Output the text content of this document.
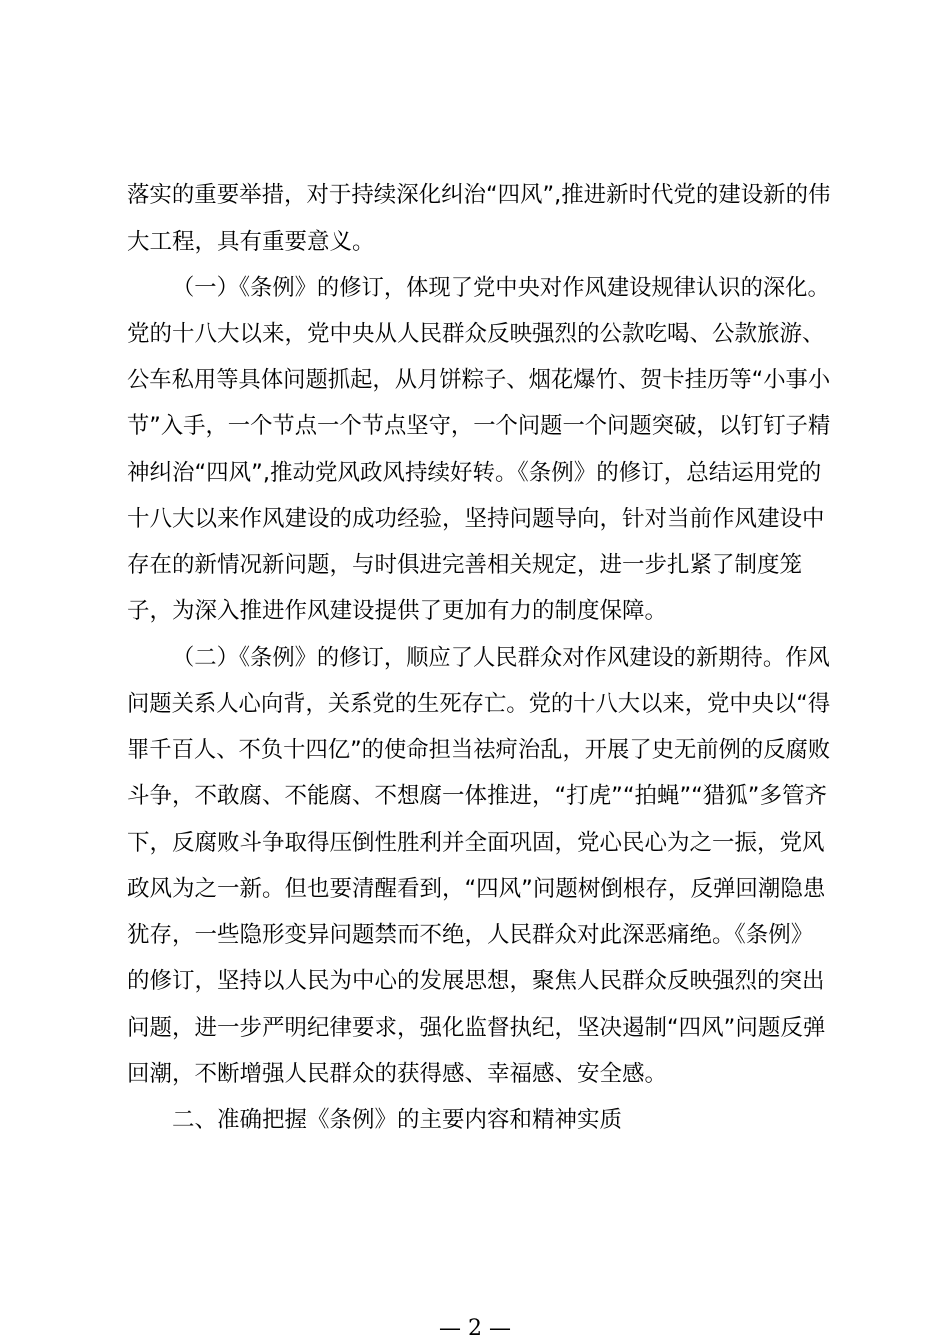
落实的重要举措，对于持续深化纠治“四风”,推进新时代党的建设新的伟
大工程，具有重要意义。
（一）《条例》的修订，体现了党中央对作风建设规律认识的深化。
党的十八大以来，党中央从人民群众反映强烈的公款吃喝、公款旅游、
公车私用等具体问题抓起，从月饼粽子、烟花爆竹、贺卡挂历等“小事小
节”入手，一个节点一个节点坚守，一个问题一个问题突破，以钉钉子精
神纠治“四风”,推动党风政风持续好转。《条例》的修订，总结运用党的
十八大以来作风建设的成功经验，坚持问题导向，针对当前作风建设中
存在的新情况新问题，与时俱进完善相关规定，进一步扎紧了制度笼
子，为深入推进作风建设提供了更加有力的制度保障。
（二）《条例》的修订，顺应了人民群众对作风建设的新期待。作风
问题关系人心向背，关系党的生死存亡。党的十八大以来，党中央以“得
罪千百人、不负十四亿”的使命担当祛疴治乱，开展了史无前例的反腐败
斗争，不敢腐、不能腐、不想腐一体推进，“打虎”“拍蝇”“猎狐”多管齐
下，反腐败斗争取得压倒性胜利并全面巩固，党心民心为之一振，党风
政风为之一新。但也要清醒看到，“四风”问题树倒根存，反弹回潮隐患
犹存，一些隐形变异问题禁而不绝，人民群众对此深恶痛绝。《条例》
的修订，坚持以人民为中心的发展思想，聚焦人民群众反映强烈的突出
问题，进一步严明纪律要求，强化监督执纪，坚决遏制“四风”问题反弹
回潮，不断增强人民群众的获得感、幸福感、安全感。
二、准确把握《条例》的主要内容和精神实质
— 2 —
